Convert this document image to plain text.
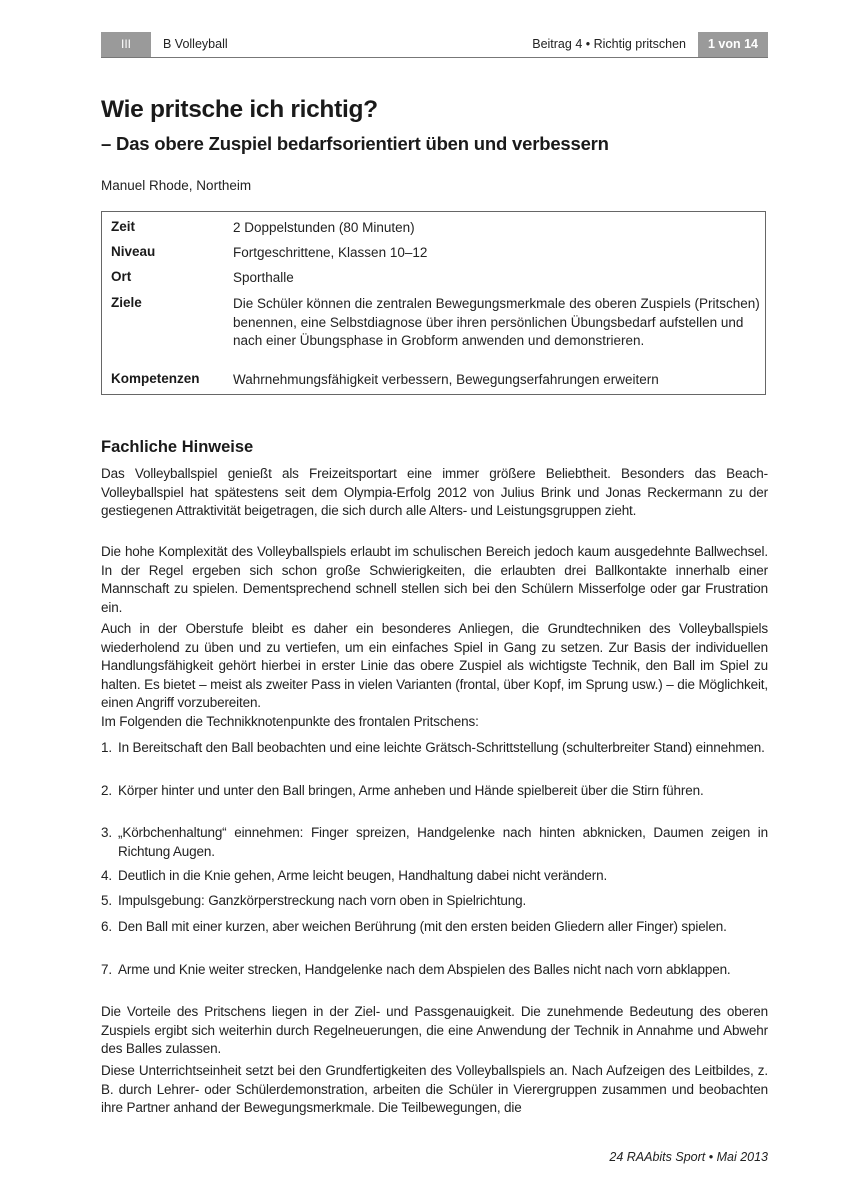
III	B Volleyball	Beitrag 4 • Richtig pritschen	1 von 14
Wie pritsche ich richtig?
– Das obere Zuspiel bedarfsorientiert üben und verbessern
Manuel Rhode, Northeim
Zeit	2 Doppelstunden (80 Minuten)
Niveau	Fortgeschrittene, Klassen 10–12
Ort	Sporthalle
Ziele	Die Schüler können die zentralen Bewegungsmerkmale des oberen Zuspiels (Pritschen) benennen, eine Selbstdiagnose über ihren persönlichen Übungsbedarf aufstellen und nach einer Übungsphase in Grobform anwenden und demonstrieren.
Kompetenzen Wahrnehmungsfähigkeit verbessern, Bewegungserfahrungen erweitern
Fachliche Hinweise

Das Volleyballspiel genießt als Freizeitsportart eine immer größere Beliebtheit. Besonders das Beach-Volleyballspiel hat spätestens seit dem Olympia-Erfolg 2012 von Julius Brink und Jonas Reckermann zu der gestiegenen Attraktivität beigetragen, die sich durch alle Alters- und Leistungsgruppen zieht.

Die hohe Komplexität des Volleyballspiels erlaubt im schulischen Bereich jedoch kaum ausgedehnte Ballwechsel. In der Regel ergeben sich schon große Schwierigkeiten, die erlaubten drei Ballkontakte innerhalb einer Mannschaft zu spielen. Dementsprechend schnell stellen sich bei den Schülern Misserfolge oder gar Frustration ein.

Auch in der Oberstufe bleibt es daher ein besonderes Anliegen, die Grundtechniken des Volleyballspiels wiederholend zu üben und zu vertiefen, um ein einfaches Spiel in Gang zu setzen. Zur Basis der individuellen Handlungsfähigkeit gehört hierbei in erster Linie das obere Zuspiel als wichtigste Technik, den Ball im Spiel zu halten. Es bietet – meist als zweiter Pass in vielen Varianten (frontal, über Kopf, im Sprung usw.) – die Möglichkeit, einen Angriff vorzubereiten.

Im Folgenden die Technikknotenpunkte des frontalen Pritschens:

1. In Bereitschaft den Ball beobachten und eine leichte Grätsch-Schrittstellung (schulterbreiter Stand) einnehmen.
2. Körper hinter und unter den Ball bringen, Arme anheben und Hände spielbereit über die Stirn führen.
3. „Körbchenhaltung“ einnehmen: Finger spreizen, Handgelenke nach hinten abknicken, Daumen zeigen in Richtung Augen.
4. Deutlich in die Knie gehen, Arme leicht beugen, Handhaltung dabei nicht verändern.
5. Impulsgebung: Ganzkörperstreckung nach vorn oben in Spielrichtung.
6. Den Ball mit einer kurzen, aber weichen Berührung (mit den ersten beiden Gliedern aller Finger) spielen.
7. Arme und Knie weiter strecken, Handgelenke nach dem Abspielen des Balles nicht nach vorn abklappen.

Die Vorteile des Pritschens liegen in der Ziel- und Passgenauigkeit. Die zunehmende Bedeutung des oberen Zuspiels ergibt sich weiterhin durch Regelneuerungen, die eine Anwendung der Technik in Annahme und Abwehr des Balles zulassen.

Diese Unterrichtseinheit setzt bei den Grundfertigkeiten des Volleyballspiels an. Nach Aufzeigen des Leitbildes, z. B. durch Lehrer- oder Schülerdemonstration, arbeiten die Schüler in Vierergruppen zusammen und beobachten ihre Partner anhand der Bewegungsmerkmale. Die Teilbewegungen, die

24 RAAbits Sport • Mai 2013
